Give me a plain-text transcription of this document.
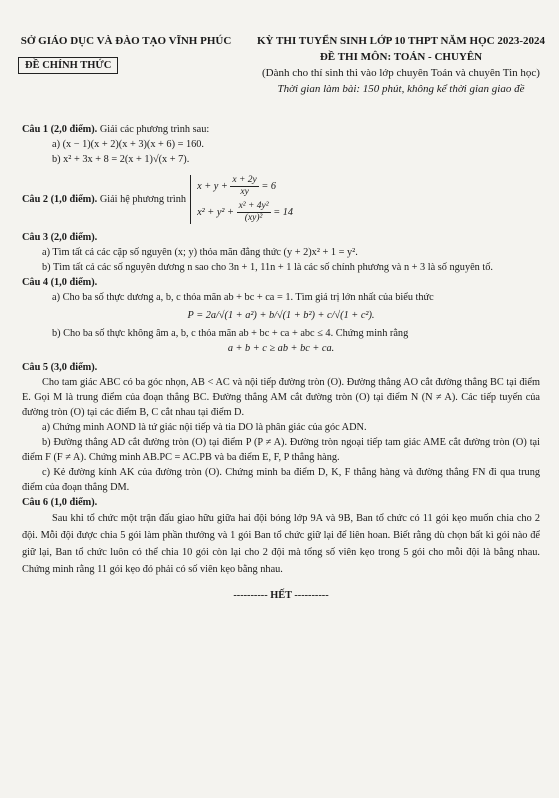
SỞ GIÁO DỤC VÀ ĐÀO TẠO VĨNH PHÚC
ĐỀ CHÍNH THỨC
KỲ THI TUYỂN SINH LỚP 10 THPT NĂM HỌC 2023-2024
ĐỀ THI MÔN: TOÁN - CHUYÊN
(Dành cho thí sinh thi vào lớp chuyên Toán và chuyên Tin học)
Thời gian làm bài: 150 phút, không kể thời gian giao đề

Câu 1 (2,0 điểm). Giải các phương trình sau:

a) (x − 1)(x + 2)(x + 3)(x + 6) = 160.

b) x² + 3x + 8 = 2(x + 1)√(x + 7).

Câu 2 (1,0 điểm).
Giải hệ phương trình
$x + y + \frac{x + 2y}{xy} = 6$
$x^2 + y^2 + \frac{\text{x² + 4y²}}{\text{(xy)²}} = 14$

Câu 3 (2,0 điểm).

a) Tìm tất cả các cặp số nguyên (x; y) thỏa mãn đẳng thức (y + 2)x² + 1 = y².

b) Tìm tất cả các số nguyên dương n sao cho 3n + 1, 11n + 1 là các số chính phương và n + 3 là số nguyên tố.

Câu 4 (1,0 điểm).

a) Cho ba số thực dương a, b, c thỏa mãn ab + bc + ca = 1. Tìm giá trị lớn nhất của biểu thức

P = 2a/√(1 + a²) + b/√(1 + b²) + c/√(1 + c²).

b) Cho ba số thực không âm a, b, c thỏa mãn ab + bc + ca + abc ≤ 4. Chứng minh rằng

a + b + c ≥ ab + bc + ca.

Câu 5 (3,0 điểm).

Cho tam giác ABC có ba góc nhọn, AB < AC và nội tiếp đường tròn (O). Đường thẳng AO cắt đường thẳng BC tại điểm E. Gọi M là trung điểm của đoạn thẳng BC. Đường thẳng AM cắt đường tròn (O) tại điểm N (N ≠ A). Các tiếp tuyến của đường tròn (O) tại các điểm B, C cắt nhau tại điểm D.

a) Chứng minh AOND là tứ giác nội tiếp và tia DO là phân giác của góc ADN.

b) Đường thẳng AD cắt đường tròn (O) tại điểm P (P ≠ A). Đường tròn ngoại tiếp tam giác AME cắt đường tròn (O) tại điểm F (F ≠ A). Chứng minh AB.PC = AC.PB và ba điểm E, F, P thẳng hàng.

c) Kẻ đường kính AK của đường tròn (O). Chứng minh ba điểm D, K, F thẳng hàng và đường thẳng FN đi qua trung điểm của đoạn thẳng DM.

Câu 6 (1,0 điểm).

Sau khi tổ chức một trận đấu giao hữu giữa hai đội bóng lớp 9A và 9B, Ban tổ chức có 11 gói kẹo muốn chia cho 2 đội. Mỗi đội được chia 5 gói làm phần thưởng và 1 gói Ban tổ chức giữ lại để liên hoan. Biết rằng dù chọn bất kì gói nào để giữ lại, Ban tổ chức luôn có thể chia 10 gói còn lại cho 2 đội mà tổng số viên kẹo trong 5 gói cho mỗi đội là bằng nhau. Chứng minh rằng 11 gói kẹo đó phải có số viên kẹo bằng nhau.

---------- HẾT ----------
